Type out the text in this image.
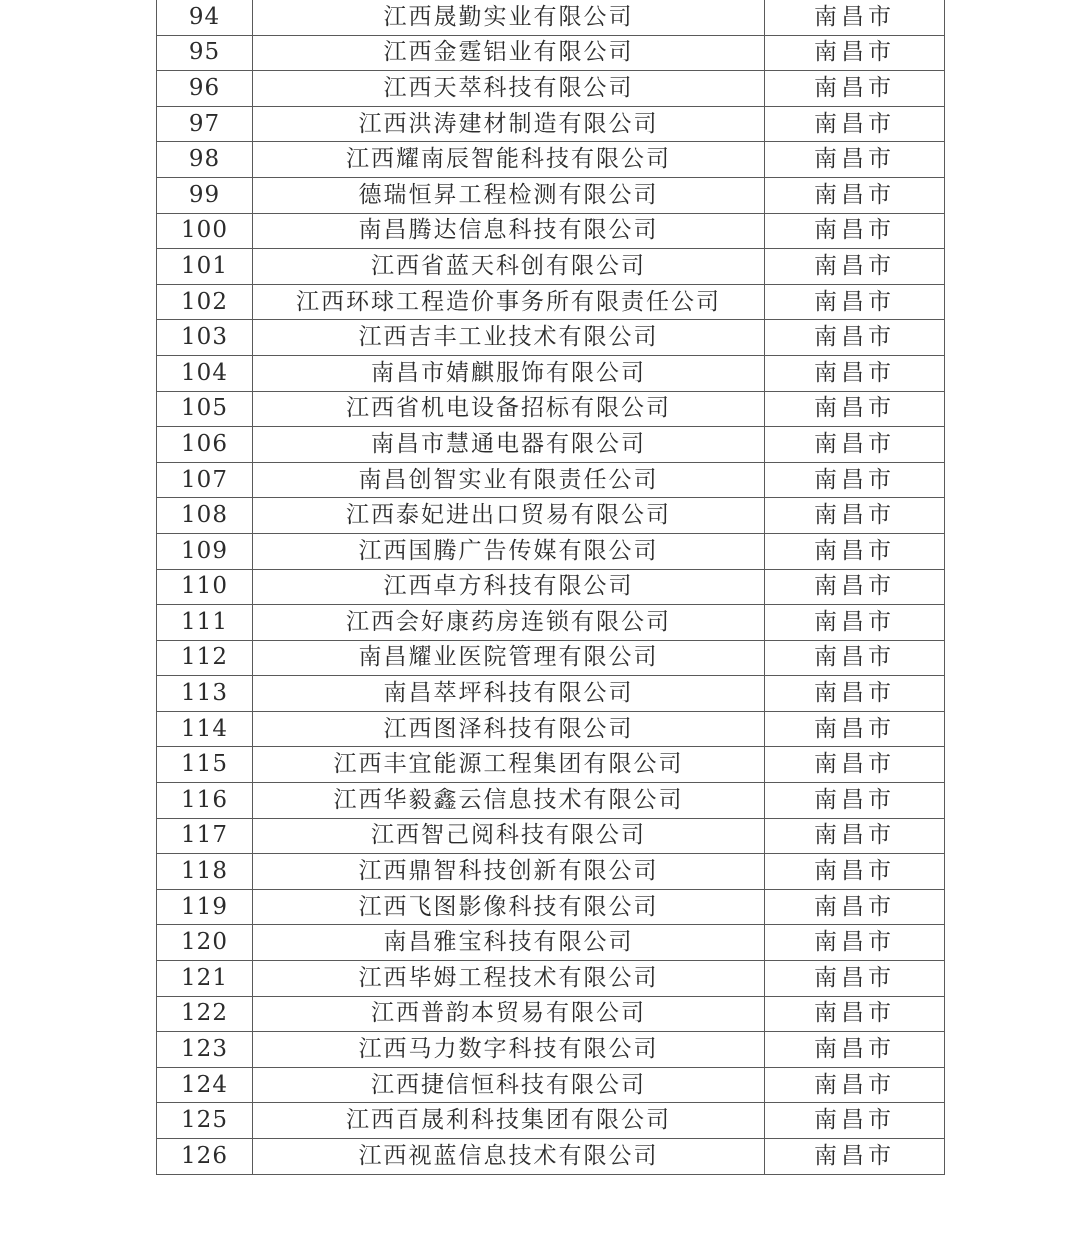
94	江西晟勤实业有限公司	南昌市
95	江西金霆铝业有限公司	南昌市
96	江西天萃科技有限公司	南昌市
97	江西洪涛建材制造有限公司	南昌市
98	江西耀南辰智能科技有限公司	南昌市
99	德瑞恒昇工程检测有限公司	南昌市
100	南昌腾达信息科技有限公司	南昌市
101	江西省蓝天科创有限公司	南昌市
102	江西环球工程造价事务所有限责任公司	南昌市
103	江西吉丰工业技术有限公司	南昌市
104	南昌市婧麒服饰有限公司	南昌市
105	江西省机电设备招标有限公司	南昌市
106	南昌市慧通电器有限公司	南昌市
107	南昌创智实业有限责任公司	南昌市
108	江西泰妃进出口贸易有限公司	南昌市
109	江西国腾广告传媒有限公司	南昌市
110	江西卓方科技有限公司	南昌市
111	江西会好康药房连锁有限公司	南昌市
112	南昌耀业医院管理有限公司	南昌市
113	南昌萃坪科技有限公司	南昌市
114	江西图泽科技有限公司	南昌市
115	江西丰宜能源工程集团有限公司	南昌市
116	江西华毅鑫云信息技术有限公司	南昌市
117	江西智己阅科技有限公司	南昌市
118	江西鼎智科技创新有限公司	南昌市
119	江西飞图影像科技有限公司	南昌市
120	南昌雅宝科技有限公司	南昌市
121	江西毕姆工程技术有限公司	南昌市
122	江西普韵本贸易有限公司	南昌市
123	江西马力数字科技有限公司	南昌市
124	江西捷信恒科技有限公司	南昌市
125	江西百晟利科技集团有限公司	南昌市
126	江西视蓝信息技术有限公司	南昌市
